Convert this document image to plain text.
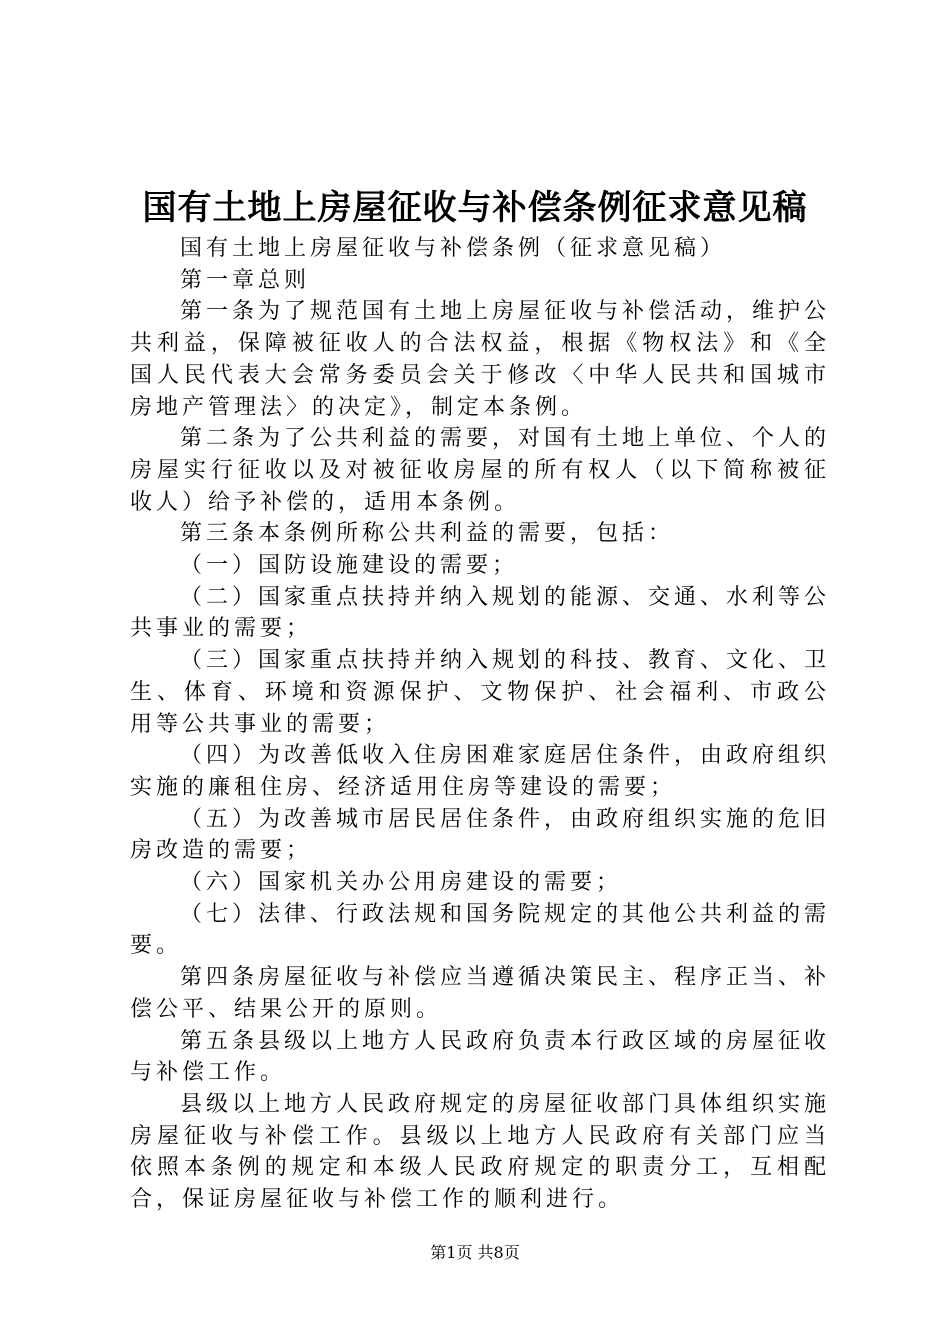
国有土地上房屋征收与补偿条例征求意见稿

国有土地上房屋征收与补偿条例（征求意见稿）

第一章总则

第一条为了规范国有土地上房屋征收与补偿活动，维护公共利益，保障被征收人的合法权益，根据《物权法》和《全国人民代表大会常务委员会关于修改〈中华人民共和国城市房地产管理法〉的决定》，制定本条例。

第二条为了公共利益的需要，对国有土地上单位、个人的房屋实行征收以及对被征收房屋的所有权人（以下简称被征收人）给予补偿的，适用本条例。

第三条本条例所称公共利益的需要，包括：

（一）国防设施建设的需要；

（二）国家重点扶持并纳入规划的能源、交通、水利等公共事业的需要；

（三）国家重点扶持并纳入规划的科技、教育、文化、卫生、体育、环境和资源保护、文物保护、社会福利、市政公用等公共事业的需要；

（四）为改善低收入住房困难家庭居住条件，由政府组织实施的廉租住房、经济适用住房等建设的需要；

（五）为改善城市居民居住条件，由政府组织实施的危旧房改造的需要；

（六）国家机关办公用房建设的需要；

（七）法律、行政法规和国务院规定的其他公共利益的需要。

第四条房屋征收与补偿应当遵循决策民主、程序正当、补偿公平、结果公开的原则。

第五条县级以上地方人民政府负责本行政区域的房屋征收与补偿工作。

县级以上地方人民政府规定的房屋征收部门具体组织实施房屋征收与补偿工作。县级以上地方人民政府有关部门应当依照本条例的规定和本级人民政府规定的职责分工，互相配合，保证房屋征收与补偿工作的顺利进行。

第1页 共8页
